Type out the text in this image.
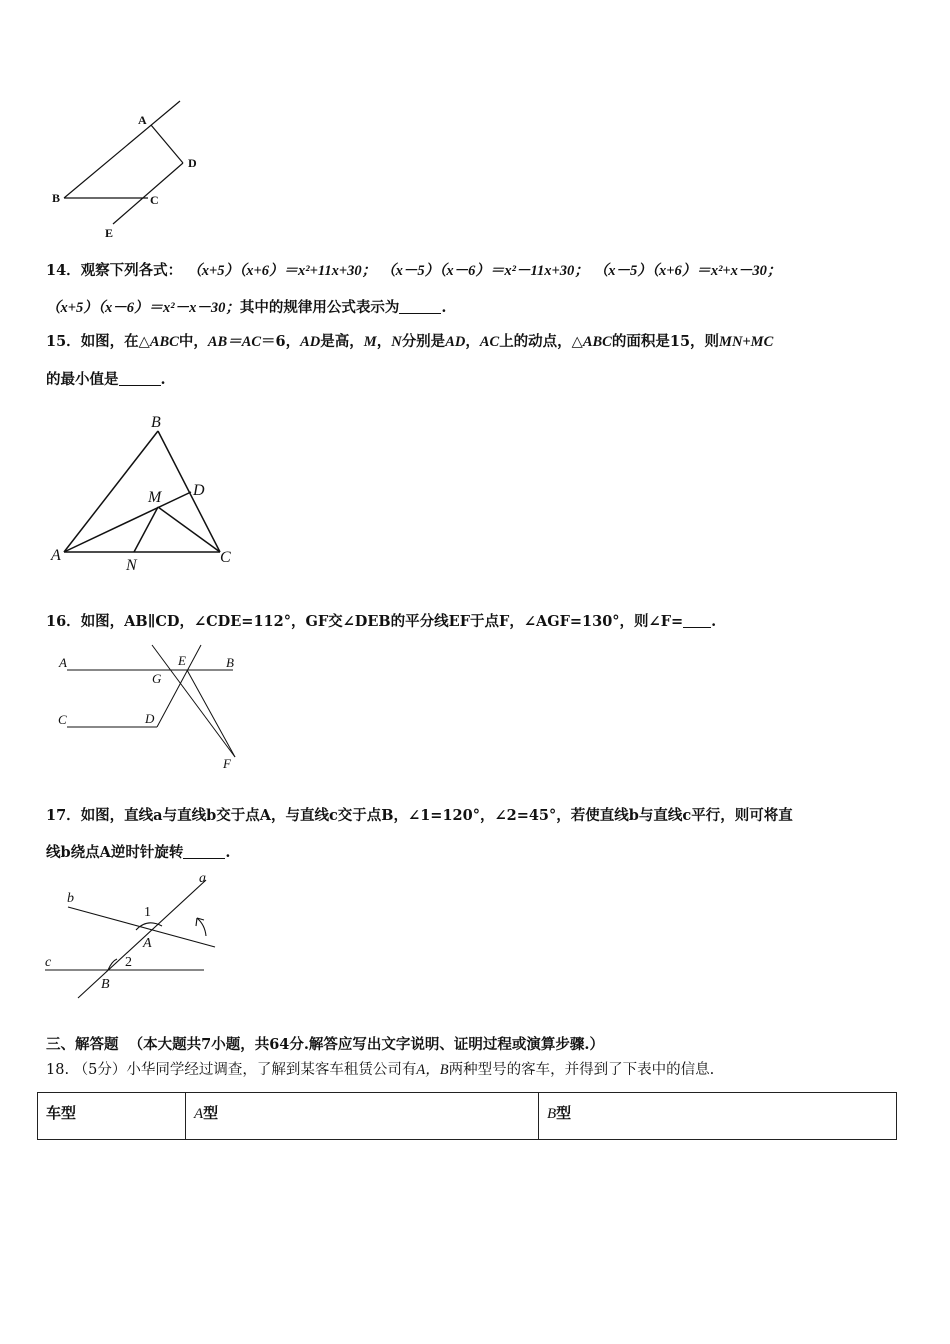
A
D
B	C
E
14．观察下列各式： （x+5）（x+6）＝x²+11x+30； （x－5）（x－6）＝x²－11x+30； （x－5）（x+6）＝x²+x－30；
（x+5）（x－6）＝x²－x－30；其中的规律用公式表示为	.
15．如图，在△ABC中，AB＝AC＝6，AD是高，M，N分别是AD，AC上的动点，△ABC的面积是15，则MN+MC
的最小值是	.
B
D
M
A
N	C
16．如图，AB∥CD，∠CDE=112°，GF交∠DEB的平分线EF于点F，∠AGF=130°，则∠F= .
A	E	B
G
C	D
F
17．如图，直线a与直线b交于点A，与直线c交于点B，∠1=120°，∠2=45°，若使直线b与直线c平行，则可将直
线b绕点A逆时针旋转	.
a
b
1
A
c	2
B
三、解答题 （本大题共7小题，共64分.解答应写出文字说明、证明过程或演算步骤.）
18. （5分）小华同学经过调查，了解到某客车租赁公司有A，B两种型号的客车，并得到了下表中的信息.
车型	A型	B型
